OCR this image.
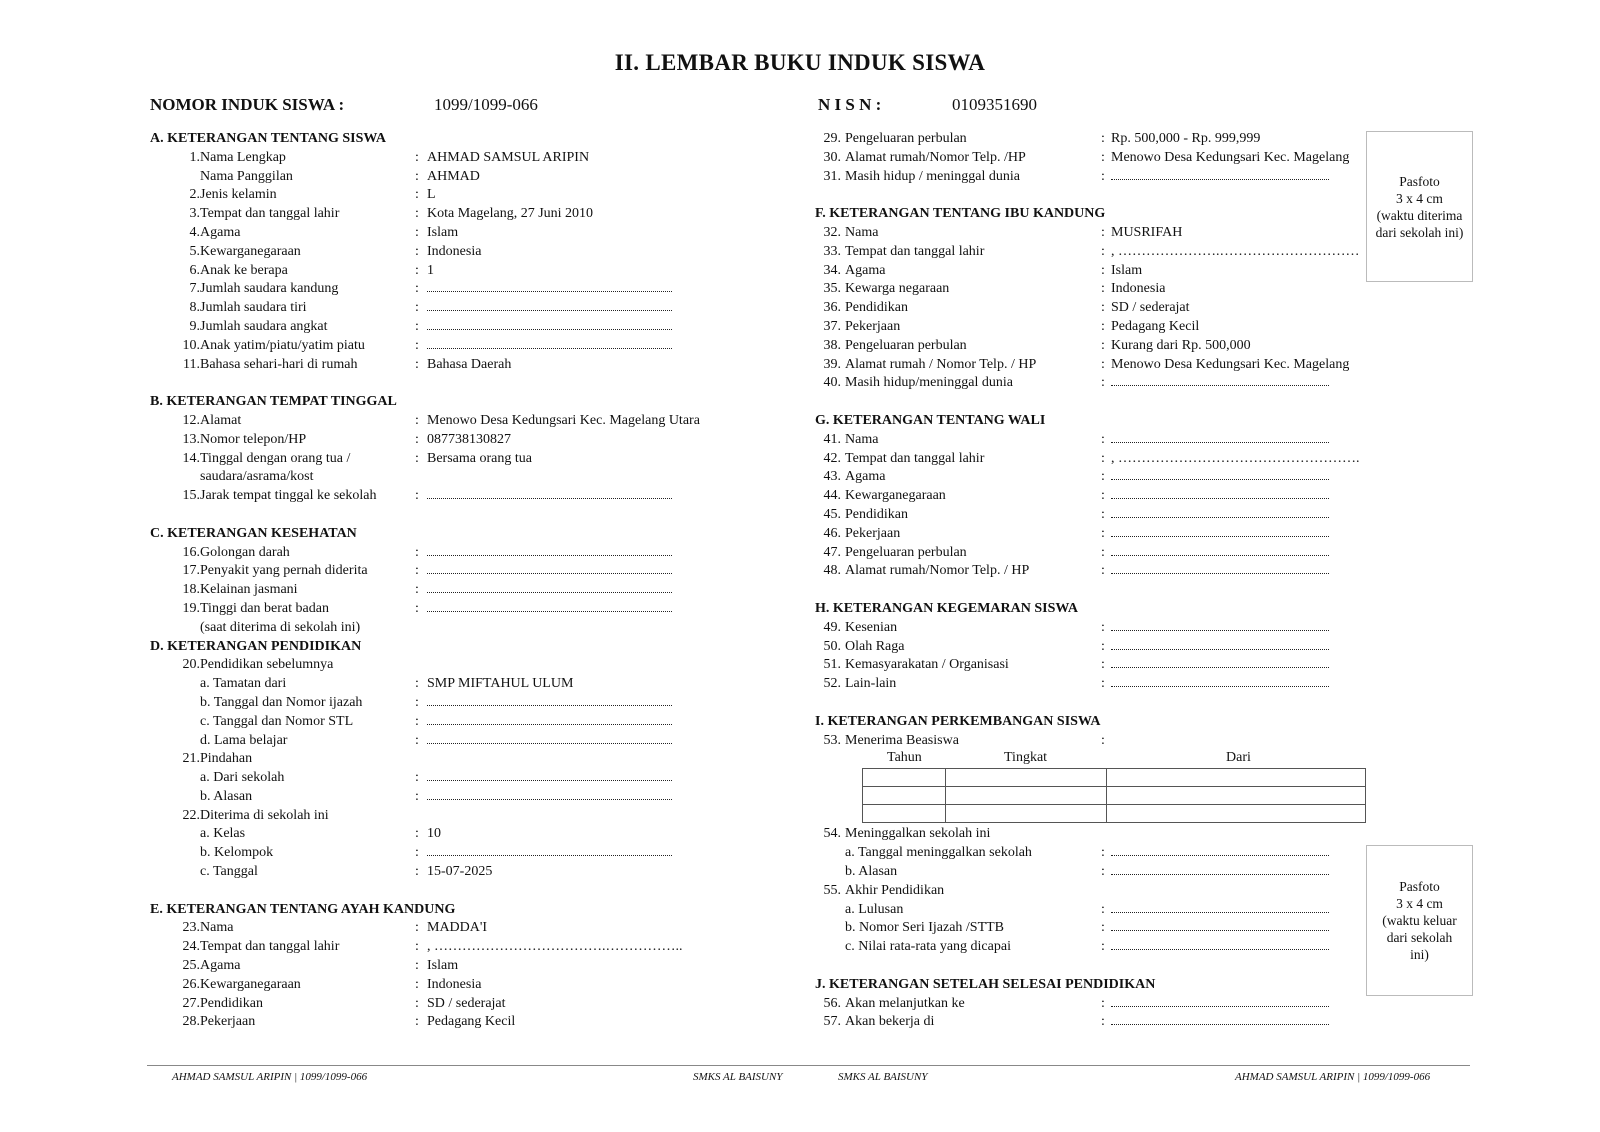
II. LEMBAR BUKU INDUK SISWA
NOMOR INDUK SISWA :	1099/1099-066	N I S N :	0109351690
A. KETERANGAN TENTANG SISWA
1. Nama Lengkap	: AHMAD SAMSUL ARIPIN
Nama Panggilan	: AHMAD
2. Jenis kelamin	: L
3. Tempat dan tanggal lahir	: Kota Magelang, 27 Juni 2010
4. Agama	: Islam
5. Kewarganegaraan	: Indonesia
6. Anak ke berapa	: 1
7. Jumlah saudara kandung	:
8. Jumlah saudara tiri	:
9. Jumlah saudara angkat	:
10. Anak yatim/piatu/yatim piatu	:
11. Bahasa sehari-hari di rumah	: Bahasa Daerah
B. KETERANGAN TEMPAT TINGGAL
12. Alamat	: Menowo Desa Kedungsari Kec. Magelang Utara
13. Nomor telepon/HP	: 087738130827
14. Tinggal dengan orang tua /	: Bersama orang tua
saudara/asrama/kost
15. Jarak tempat tinggal ke sekolah	:
C. KETERANGAN KESEHATAN
16. Golongan darah	:
17. Penyakit yang pernah diderita	:
18. Kelainan jasmani	:
19. Tinggi dan berat badan	:
(saat diterima di sekolah ini)
D. KETERANGAN PENDIDIKAN
20. Pendidikan sebelumnya
a. Tamatan dari	: SMP MIFTAHUL ULUM
b. Tanggal dan Nomor ijazah	:
c. Tanggal dan Nomor STL	:
d. Lama belajar	:
21. Pindahan
a. Dari sekolah	:
b. Alasan	:
22. Diterima di sekolah ini
a. Kelas	: 10
b. Kelompok	:
c. Tanggal	: 15-07-2025
E. KETERANGAN TENTANG AYAH KANDUNG
23. Nama	: MADDA'I
24. Tempat dan tanggal lahir	: , ……………………………….……………..
25. Agama	: Islam
26. Kewarganegaraan	: Indonesia
27. Pendidikan	: SD / sederajat
28. Pekerjaan	: Pedagang Kecil
29. Pengeluaran perbulan	: Rp. 500,000 - Rp. 999,999
30. Alamat rumah/Nomor Telp. /HP	: Menowo Desa Kedungsari Kec. Magelang
31. Masih hidup / meninggal dunia	:
F. KETERANGAN TENTANG IBU KANDUNG
32. Nama	: MUSRIFAH
33. Tempat dan tanggal lahir	: , ………………….…………………………
34. Agama	: Islam
35. Kewarga negaraan	: Indonesia
36. Pendidikan	: SD / sederajat
37. Pekerjaan	: Pedagang Kecil
38. Pengeluaran perbulan	: Kurang dari Rp. 500,000
39. Alamat rumah / Nomor Telp. / HP	: Menowo Desa Kedungsari Kec. Magelang
40. Masih hidup/meninggal dunia	:
G. KETERANGAN TENTANG WALI
41. Nama	:
42. Tempat dan tanggal lahir	: , …………………………………………….
43. Agama	:
44. Kewarganegaraan	:
45. Pendidikan	:
46. Pekerjaan	:
47. Pengeluaran perbulan	:
48. Alamat rumah/Nomor Telp. / HP	:
H. KETERANGAN KEGEMARAN SISWA
49. Kesenian	:
50. Olah Raga	:
51. Kemasyarakatan / Organisasi	:
52. Lain-lain	:
I. KETERANGAN PERKEMBANGAN SISWA
53. Menerima Beasiswa	:
54. Meninggalkan sekolah ini
a. Tanggal meninggalkan sekolah	:
b. Alasan	:
55. Akhir Pendidikan
a. Lulusan	:
b. Nomor Seri Ijazah /STTB	:
c. Nilai rata-rata yang dicapai	:
J. KETERANGAN SETELAH SELESAI PENDIDIKAN
56. Akan melanjutkan ke	:
57. Akan bekerja di	:
Pasfoto
3 x 4 cm
(waktu diterima
dari sekolah ini)
Pasfoto
3 x 4 cm
(waktu keluar
dari sekolah
ini)
Tahun	Tingkat	Dari

AHMAD SAMSUL ARIPIN | 1099/1099-066	SMKS AL BAISUNY	SMKS AL BAISUNY	AHMAD SAMSUL ARIPIN | 1099/1099-066
